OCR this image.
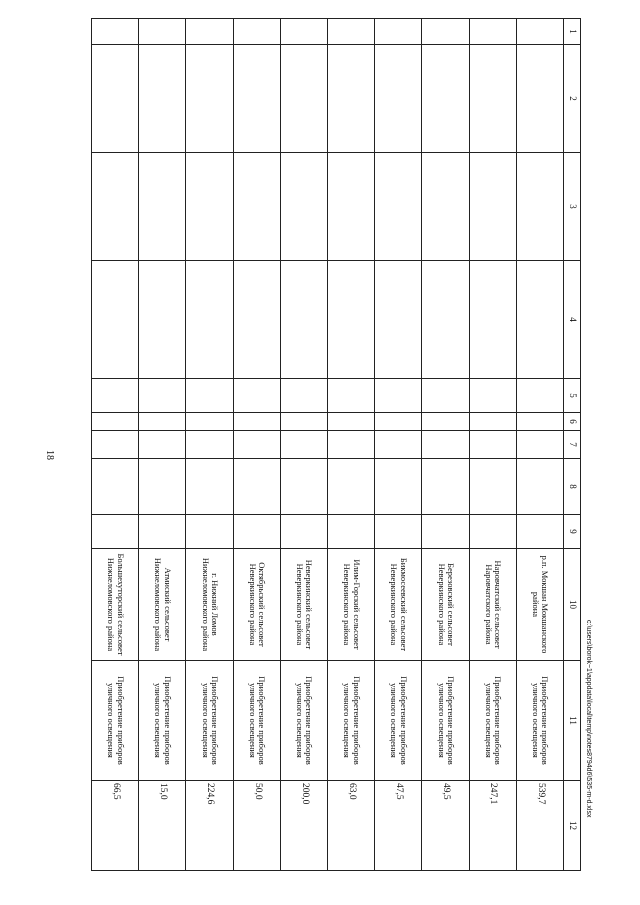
18
c:\users\borok~1\appdata\local\temp\notes8794d6\535-m-d.xlsx
1	2	3	4	5	6	7	8	9	10	11	12
									р.п. Мокшан Мокшанского района	Приобретение приборов уличного освещения	539,7
									Наровчатский сельсовет Наровчатского района	Приобретение приборов уличного освещения	247,1
									Березовский сельсовет Неверкинского района	Приобретение приборов уличного освещения	49,5
									Бикмосеевский сельсовет Неверкинского района	Приобретение приборов уличного освещения	47,5
									Илим-Горский сельсовет Неверкинского района	Приобретение приборов уличного освещения	63,0
									Неверкинский сельсовет Неверкинского района	Приобретение приборов уличного освещения	200,0
									Октябрьский сельсовет Неверкинского района	Приобретение приборов уличного освещения	50,0
									г. Нижний Ломов Нижнеломовского района	Приобретение приборов уличного освещения	224,6
									Атмиский сельсовет Нижнеломовского района	Приобретение приборов уличного освещения	15,0
									Большехуторский сельсовет Нижнеломовского района	Приобретение приборов уличного освещения	66,5
